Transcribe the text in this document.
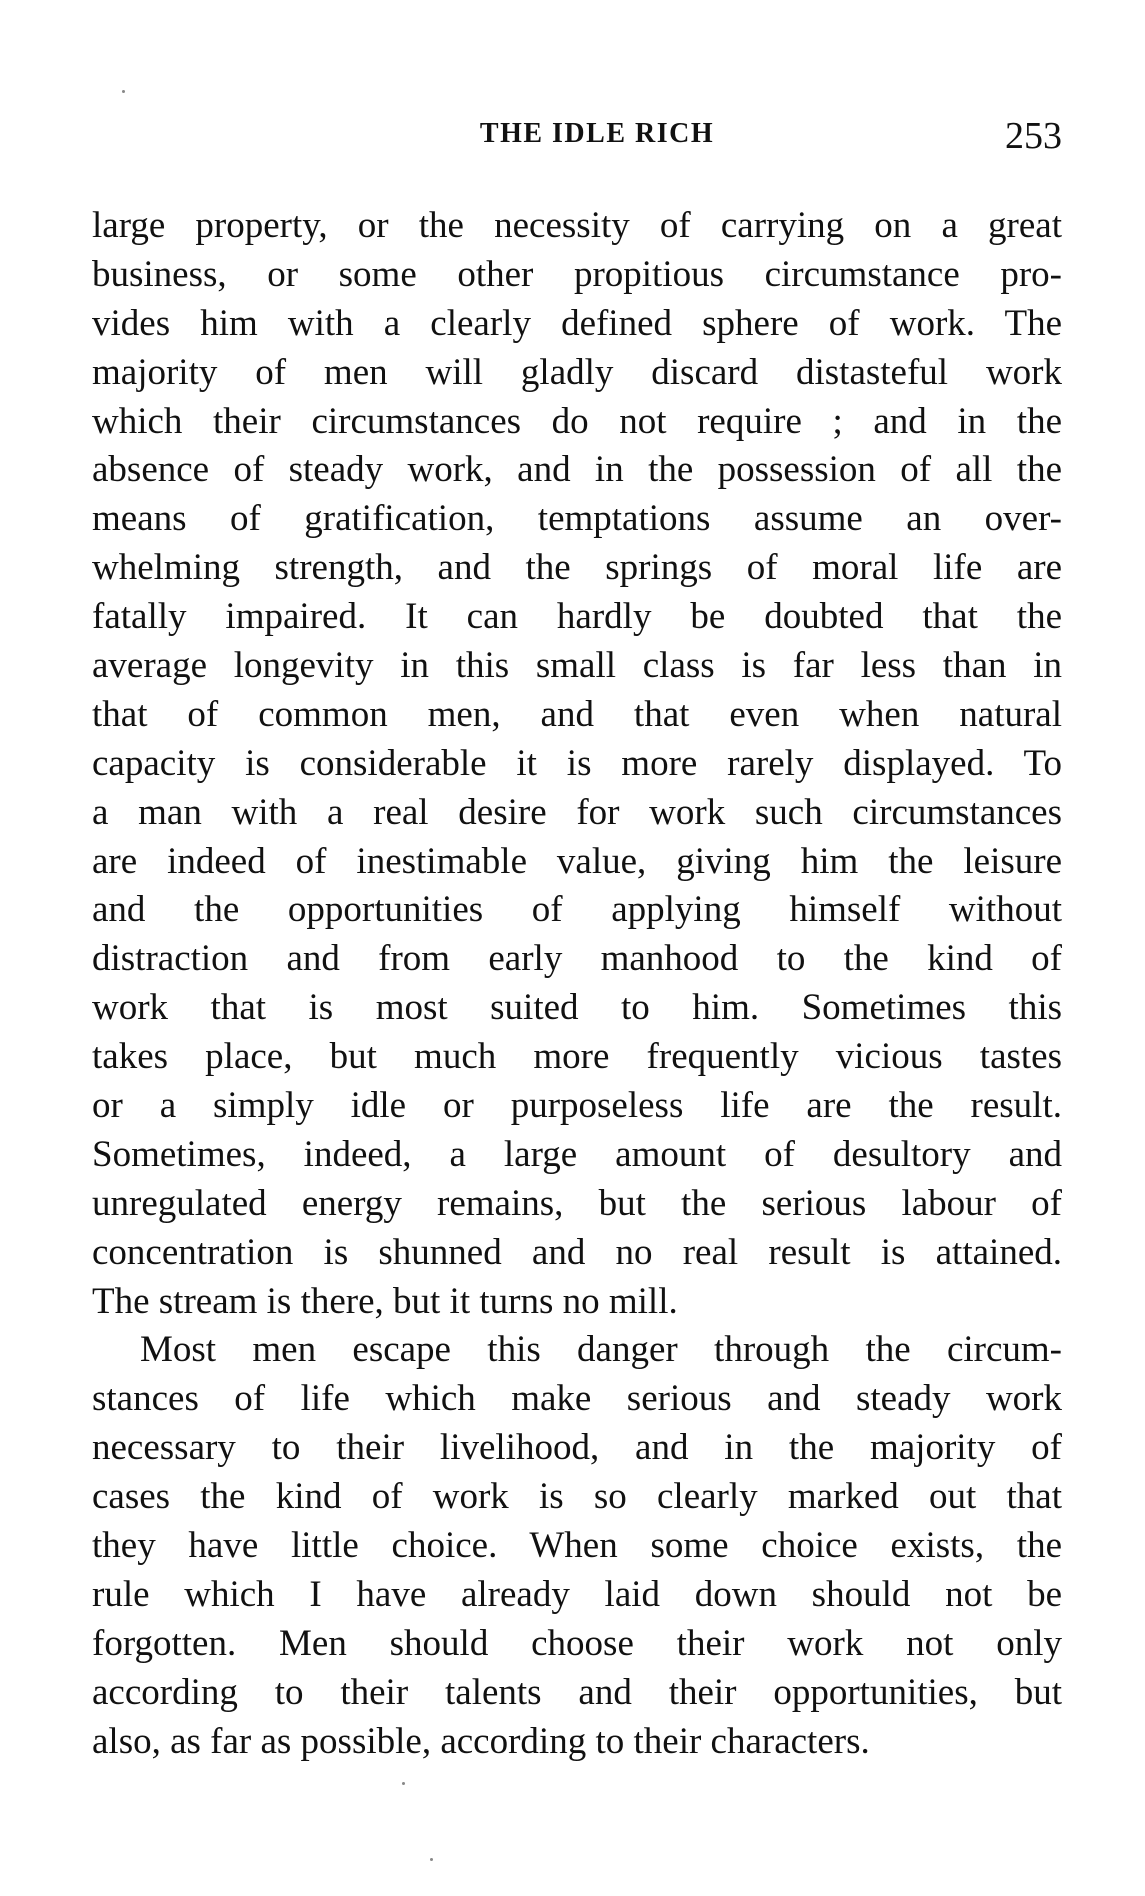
THE IDLE RICH	253
large property, or the necessity of carrying on a great
business, or some other propitious circumstance pro-
vides him with a clearly defined sphere of work. The
majority of men will gladly discard distasteful work
which their circumstances do not require ; and in the
absence of steady work, and in the possession of all the
means of gratification, temptations assume an over-
whelming strength, and the springs of moral life are
fatally impaired. It can hardly be doubted that the
average longevity in this small class is far less than in
that of common men, and that even when natural
capacity is considerable it is more rarely displayed. To
a man with a real desire for work such circumstances
are indeed of inestimable value, giving him the leisure
and the opportunities of applying himself without
distraction and from early manhood to the kind of
work that is most suited to him. Sometimes this
takes place, but much more frequently vicious tastes
or a simply idle or purposeless life are the result.
Sometimes, indeed, a large amount of desultory and
unregulated energy remains, but the serious labour of
concentration is shunned and no real result is attained.
The stream is there, but it turns no mill.
Most men escape this danger through the circum-
stances of life which make serious and steady work
necessary to their livelihood, and in the majority of
cases the kind of work is so clearly marked out that
they have little choice. When some choice exists, the
rule which I have already laid down should not be
forgotten. Men should choose their work not only
according to their talents and their opportunities, but
also, as far as possible, according to their characters.
